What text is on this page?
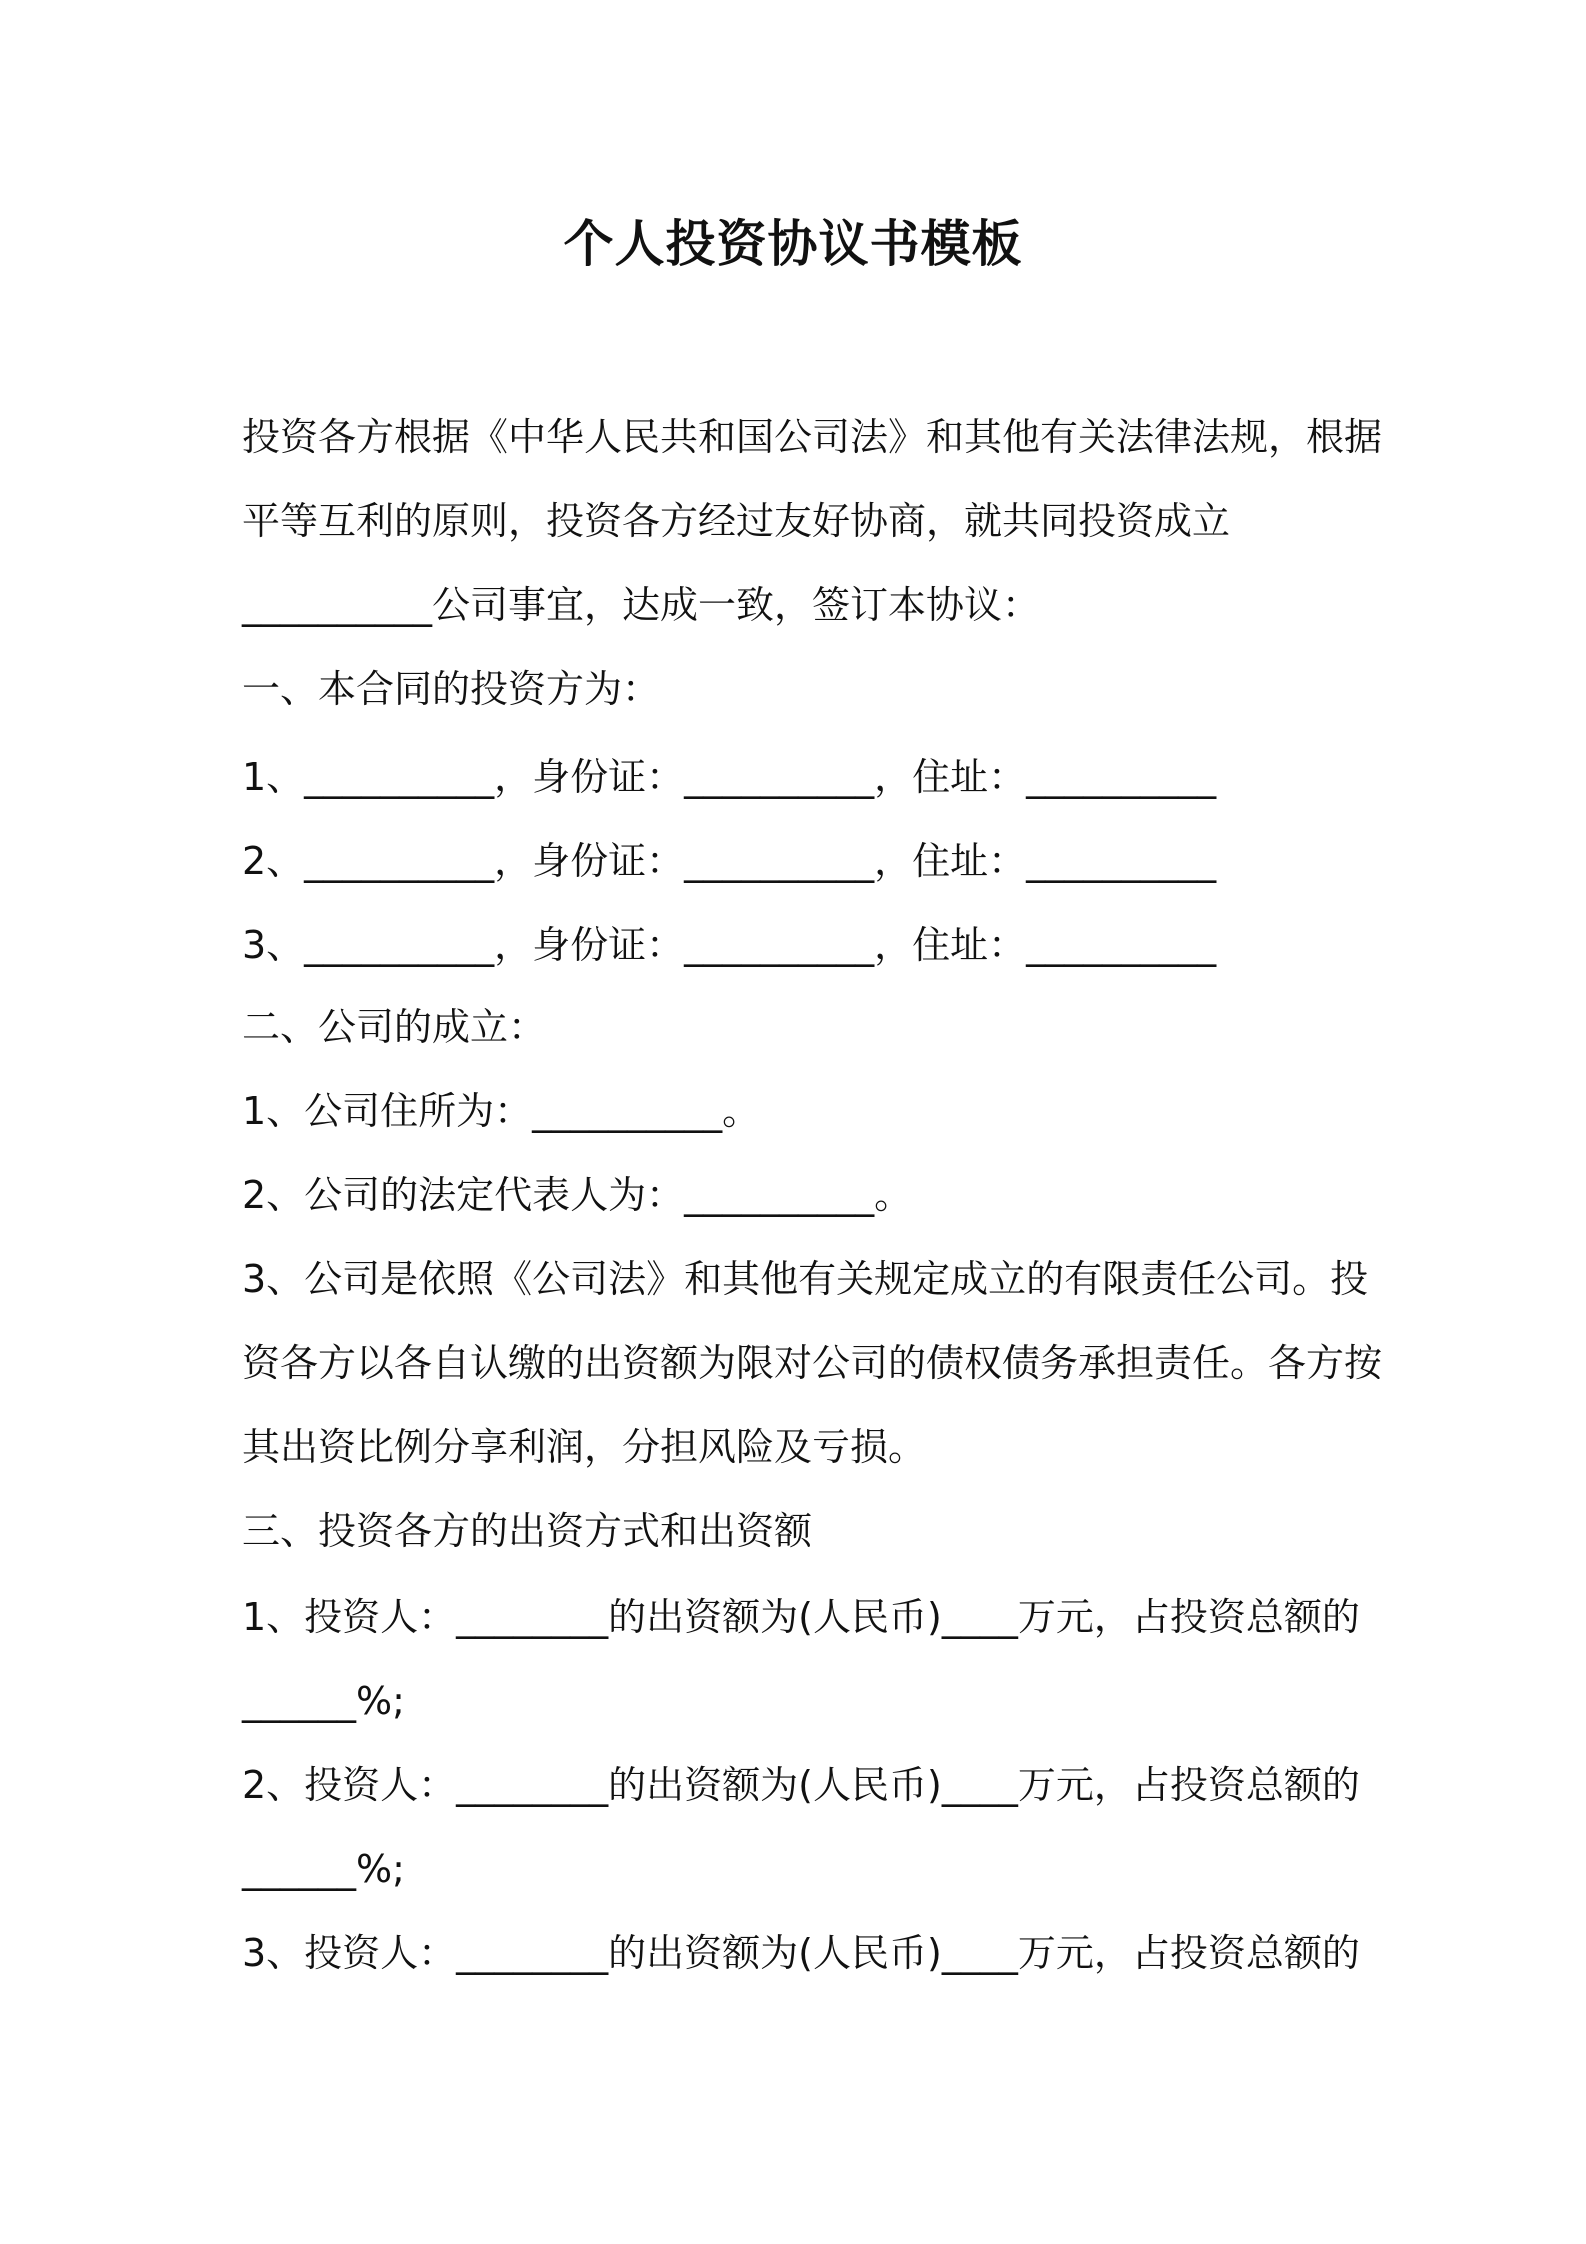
个人投资协议书模板
投资各方根据《中华人民共和国公司法》和其他有关法律法规，根据
平等互利的原则，投资各方经过友好协商，就共同投资成立
__________公司事宜，达成一致，签订本协议：
一、本合同的投资方为：
1、__________，身份证：__________，住址：__________
2、__________，身份证：__________，住址：__________
3、__________，身份证：__________，住址：__________
二、公司的成立：
1、公司住所为：__________。
2、公司的法定代表人为：__________。
3、公司是依照《公司法》和其他有关规定成立的有限责任公司。投
资各方以各自认缴的出资额为限对公司的债权债务承担责任。各方按
其出资比例分享利润，分担风险及亏损。
三、投资各方的出资方式和出资额
1、投资人：________的出资额为(人民币)____万元，占投资总额的
______%;
2、投资人：________的出资额为(人民币)____万元，占投资总额的
______%;
3、投资人：________的出资额为(人民币)____万元，占投资总额的
